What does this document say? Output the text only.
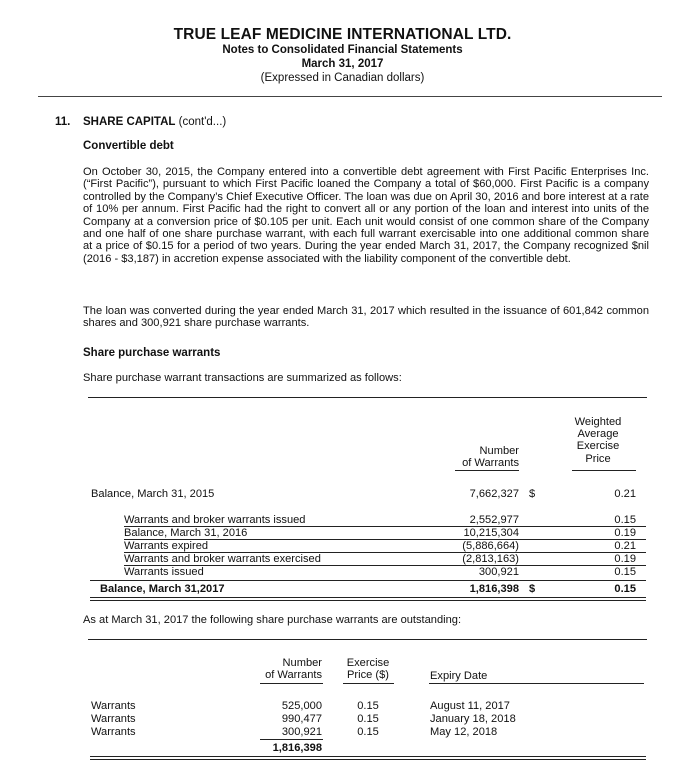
TRUE LEAF MEDICINE INTERNATIONAL LTD.
Notes to Consolidated Financial Statements
March 31, 2017
(Expressed in Canadian dollars)
11. SHARE CAPITAL (cont'd...)
Convertible debt

On October 30, 2015, the Company entered into a convertible debt agreement with First Pacific Enterprises Inc. (“First Pacific”), pursuant to which First Pacific loaned the Company a total of $60,000. First Pacific is a company controlled by the Company’s Chief Executive Officer. The loan was due on April 30, 2016 and bore interest at a rate of 10% per annum. First Pacific had the right to convert all or any portion of the loan and interest into units of the Company at a conversion price of $0.105 per unit. Each unit would consist of one common share of the Company and one half of one share purchase warrant, with each full warrant exercisable into one additional common share at a price of $0.15 for a period of two years. During the year ended March 31, 2017, the Company recognized $nil (2016 - $3,187) in accretion expense associated with the liability component of the convertible debt.

The loan was converted during the year ended March 31, 2017 which resulted in the issuance of 601,842 common shares and 300,921 share purchase warrants.

Share purchase warrants
Share purchase warrant transactions are summarized as follows:
Number
of Warrants
Weighted
Average
Exercise
Price
Balance, March 31, 2015	7,662,327 $	0.21
Warrants and broker warrants issued	2,552,977	0.15
Balance, March 31, 2016	10,215,304	0.19
Warrants expired	(5,886,664)	0.21
Warrants and broker warrants exercised	(2,813,163)	0.19
Warrants issued	300,921	0.15
Balance, March 31,2017	1,816,398 $	0.15
As at March 31, 2017 the following share purchase warrants are outstanding:
Number
of Warrants
Exercise
Price ($)	Expiry Date
Warrants	525,000	0.15	August 11, 2017
Warrants	990,477	0.15	January 18, 2018
Warrants	300,921	0.15	May 12, 2018
1,816,398
